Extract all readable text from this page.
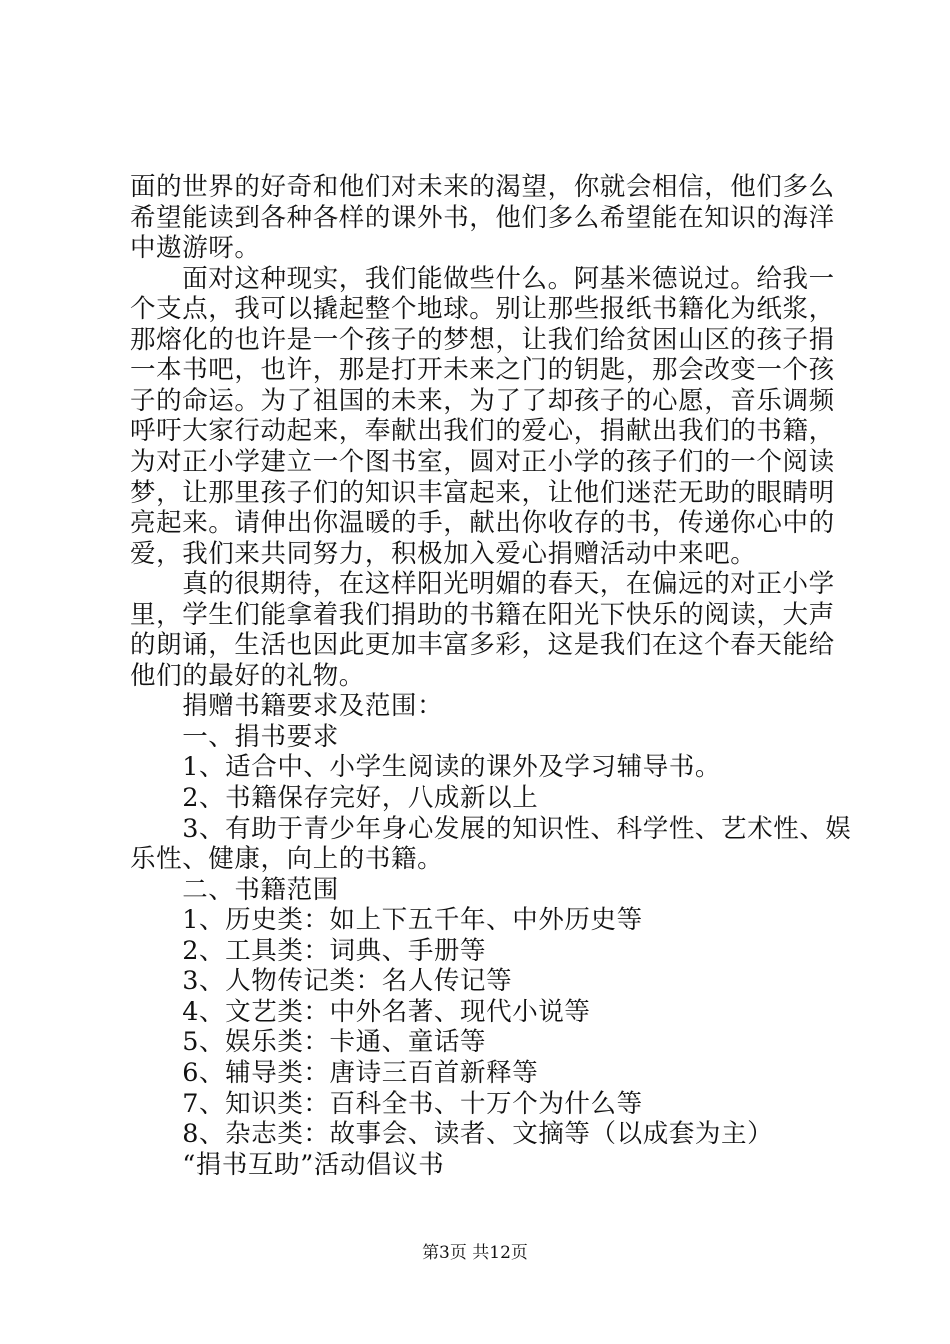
面的世界的好奇和他们对未来的渴望，你就会相信，他们多么
希望能读到各种各样的课外书，他们多么希望能在知识的海洋
中遨游呀。
　　面对这种现实，我们能做些什么。阿基米德说过。给我一
个支点，我可以撬起整个地球。别让那些报纸书籍化为纸浆，
那熔化的也许是一个孩子的梦想，让我们给贫困山区的孩子捐
一本书吧，也许，那是打开未来之门的钥匙，那会改变一个孩
子的命运。为了祖国的未来，为了了却孩子的心愿，音乐调频
呼吁大家行动起来，奉献出我们的爱心，捐献出我们的书籍，
为对正小学建立一个图书室，圆对正小学的孩子们的一个阅读
梦，让那里孩子们的知识丰富起来，让他们迷茫无助的眼睛明
亮起来。请伸出你温暖的手，献出你收存的书，传递你心中的
爱，我们来共同努力，积极加入爱心捐赠活动中来吧。
　　真的很期待，在这样阳光明媚的春天，在偏远的对正小学
里，学生们能拿着我们捐助的书籍在阳光下快乐的阅读，大声
的朗诵，生活也因此更加丰富多彩，这是我们在这个春天能给
他们的最好的礼物。
　　捐赠书籍要求及范围：
　　一、捐书要求
　　1、适合中、小学生阅读的课外及学习辅导书。
　　2、书籍保存完好，八成新以上
　　3、有助于青少年身心发展的知识性、科学性、艺术性、娱
乐性、健康，向上的书籍。
　　二、书籍范围
　　1、历史类：如上下五千年、中外历史等
　　2、工具类：词典、手册等
　　3、人物传记类：名人传记等
　　4、文艺类：中外名著、现代小说等
　　5、娱乐类：卡通、童话等
　　6、辅导类：唐诗三百首新释等
　　7、知识类：百科全书、十万个为什么等
　　8、杂志类：故事会、读者、文摘等（以成套为主）
　　“捐书互助”活动倡议书
第3页 共12页
